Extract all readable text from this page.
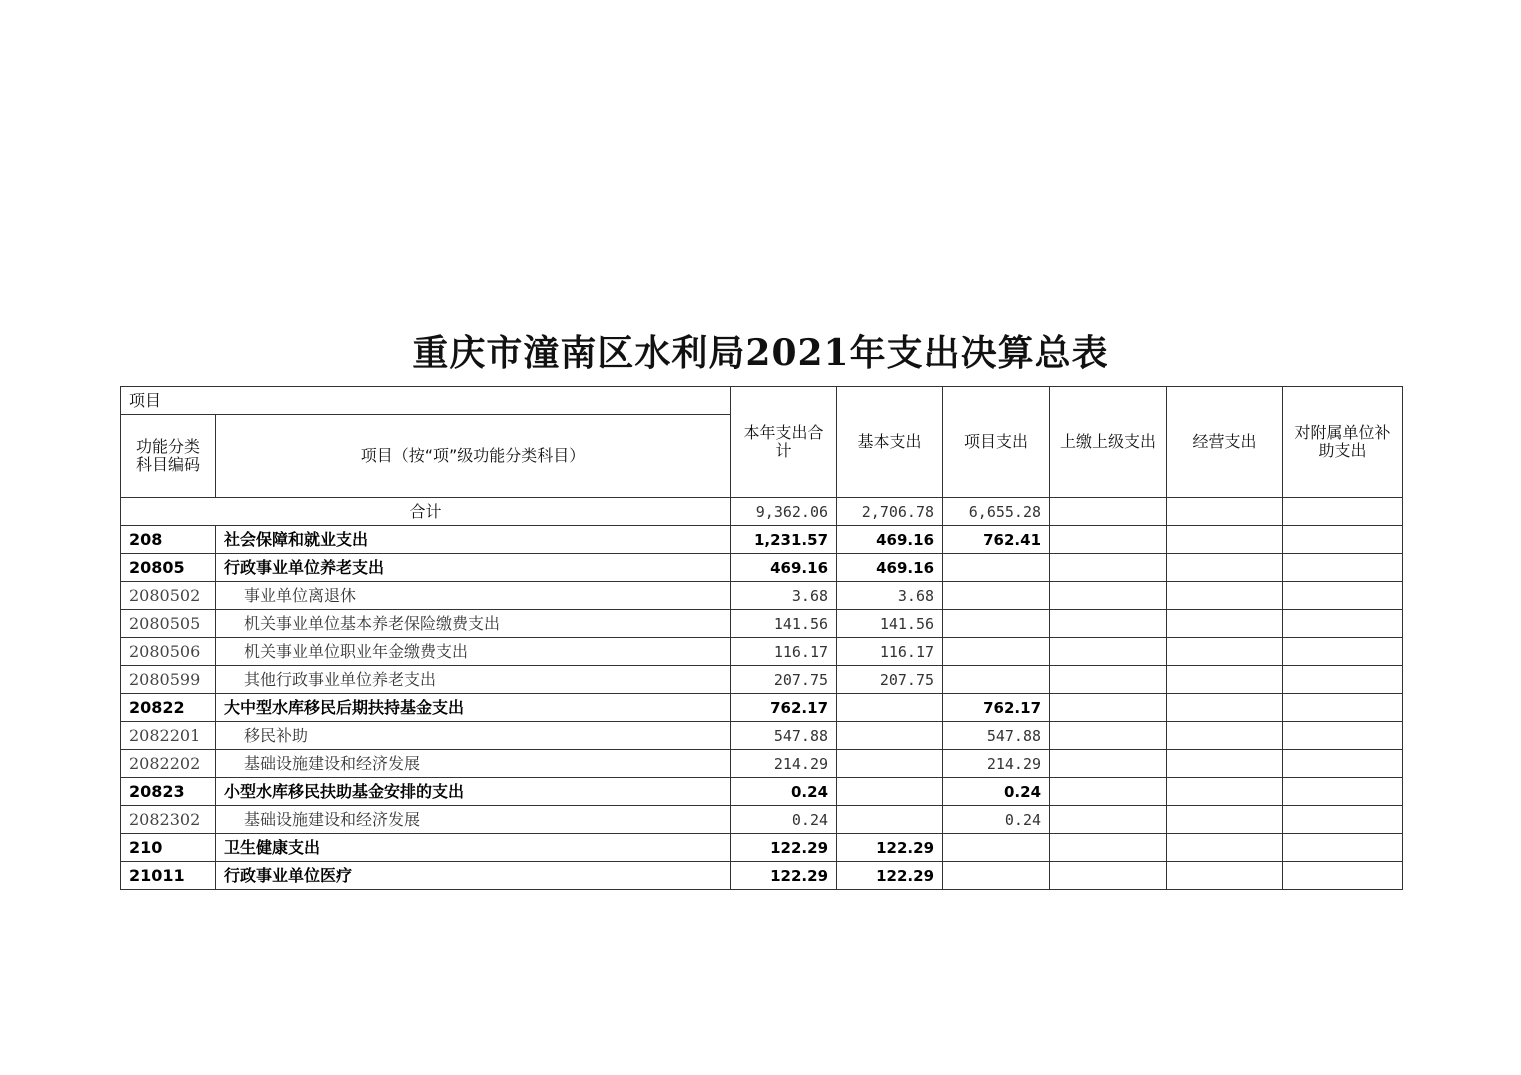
重庆市潼南区水利局2021年支出决算总表
项目		本年支出合计	基本支出	项目支出	上缴上级支出	经营支出	对附属单位补助支出
功能分类科目编码	项目（按“项”级功能分类科目）						
合计		9,362.06	2,706.78	6,655.28			
208	社会保障和就业支出	1,231.57	469.16	762.41			
20805	行政事业单位养老支出	469.16	469.16				
2080502	事业单位离退休	3.68	3.68				
2080505	机关事业单位基本养老保险缴费支出	141.56	141.56				
2080506	机关事业单位职业年金缴费支出	116.17	116.17				
2080599	其他行政事业单位养老支出	207.75	207.75				
20822	大中型水库移民后期扶持基金支出	762.17		762.17			
2082201	移民补助	547.88		547.88			
2082202	基础设施建设和经济发展	214.29		214.29			
20823	小型水库移民扶助基金安排的支出	0.24		0.24			
2082302	基础设施建设和经济发展	0.24		0.24			
210	卫生健康支出	122.29	122.29				
21011	行政事业单位医疗	122.29	122.29				
